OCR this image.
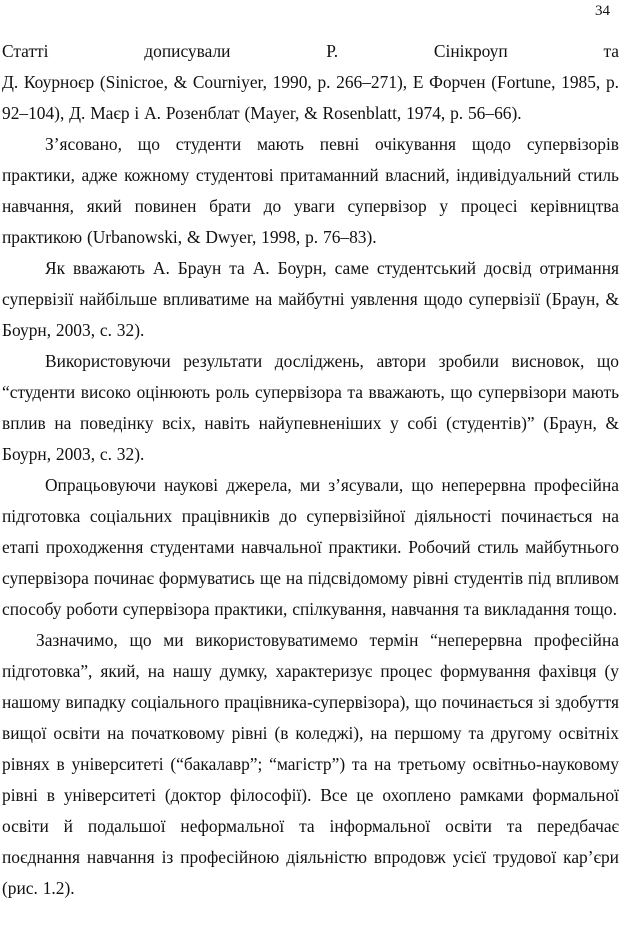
34
Статті	дописували	Р.	Сінікроуп	та
Д. Коурноєр (Sinicroe, & Courniyer, 1990, p. 266–271), Е Форчен (Fortune, 1985, p. 92–104), Д. Маєр і А. Розенблат (Mayer, & Rosenblatt, 1974, p. 56–66).

З’ясовано, що студенти мають певні очікування щодо супервізорів практики, адже кожному студентові притаманний власний, індивідуальний стиль навчання, який повинен брати до уваги супервізор у процесі керівництва практикою (Urbanowski, & Dwyer, 1998, p. 76–83).

Як вважають А. Браун та А. Боурн, саме студентський досвід отримання супервізії найбільше впливатиме на майбутні уявлення щодо супервізії (Браун, & Боурн, 2003, с. 32).

Використовуючи результати досліджень, автори зробили висновок, що “студенти високо оцінюють роль супервізора та вважають, що супервізори мають вплив на поведінку всіх, навіть найупевненіших у собі (студентів)” (Браун, & Боурн, 2003, с. 32).

Опрацьовуючи наукові джерела, ми з’ясували, що неперервна професійна підготовка соціальних працівників до супервізійної діяльності починається на етапі проходження студентами навчальної практики. Робочий стиль майбутнього супервізора починає формуватись ще на підсвідомому рівні студентів під впливом способу роботи супервізора практики, спілкування, навчання та викладання тощо.

Зазначимо, що ми використовуватимемо термін “неперервна професійна підготовка”, який, на нашу думку, характеризує процес формування фахівця (у нашому випадку соціального працівника-супервізора), що починається зі здобуття вищої освіти на початковому рівні (в коледжі), на першому та другому освітніх рівнях в університеті (“бакалавр”; “магістр”) та на третьому освітньо-науковому рівні в університеті (доктор філософії). Все це охоплено рамками формальної освіти й подальшої неформальної та інформальної освіти та передбачає поєднання навчання із професійною діяльністю впродовж усієї трудової кар’єри (рис. 1.2).
